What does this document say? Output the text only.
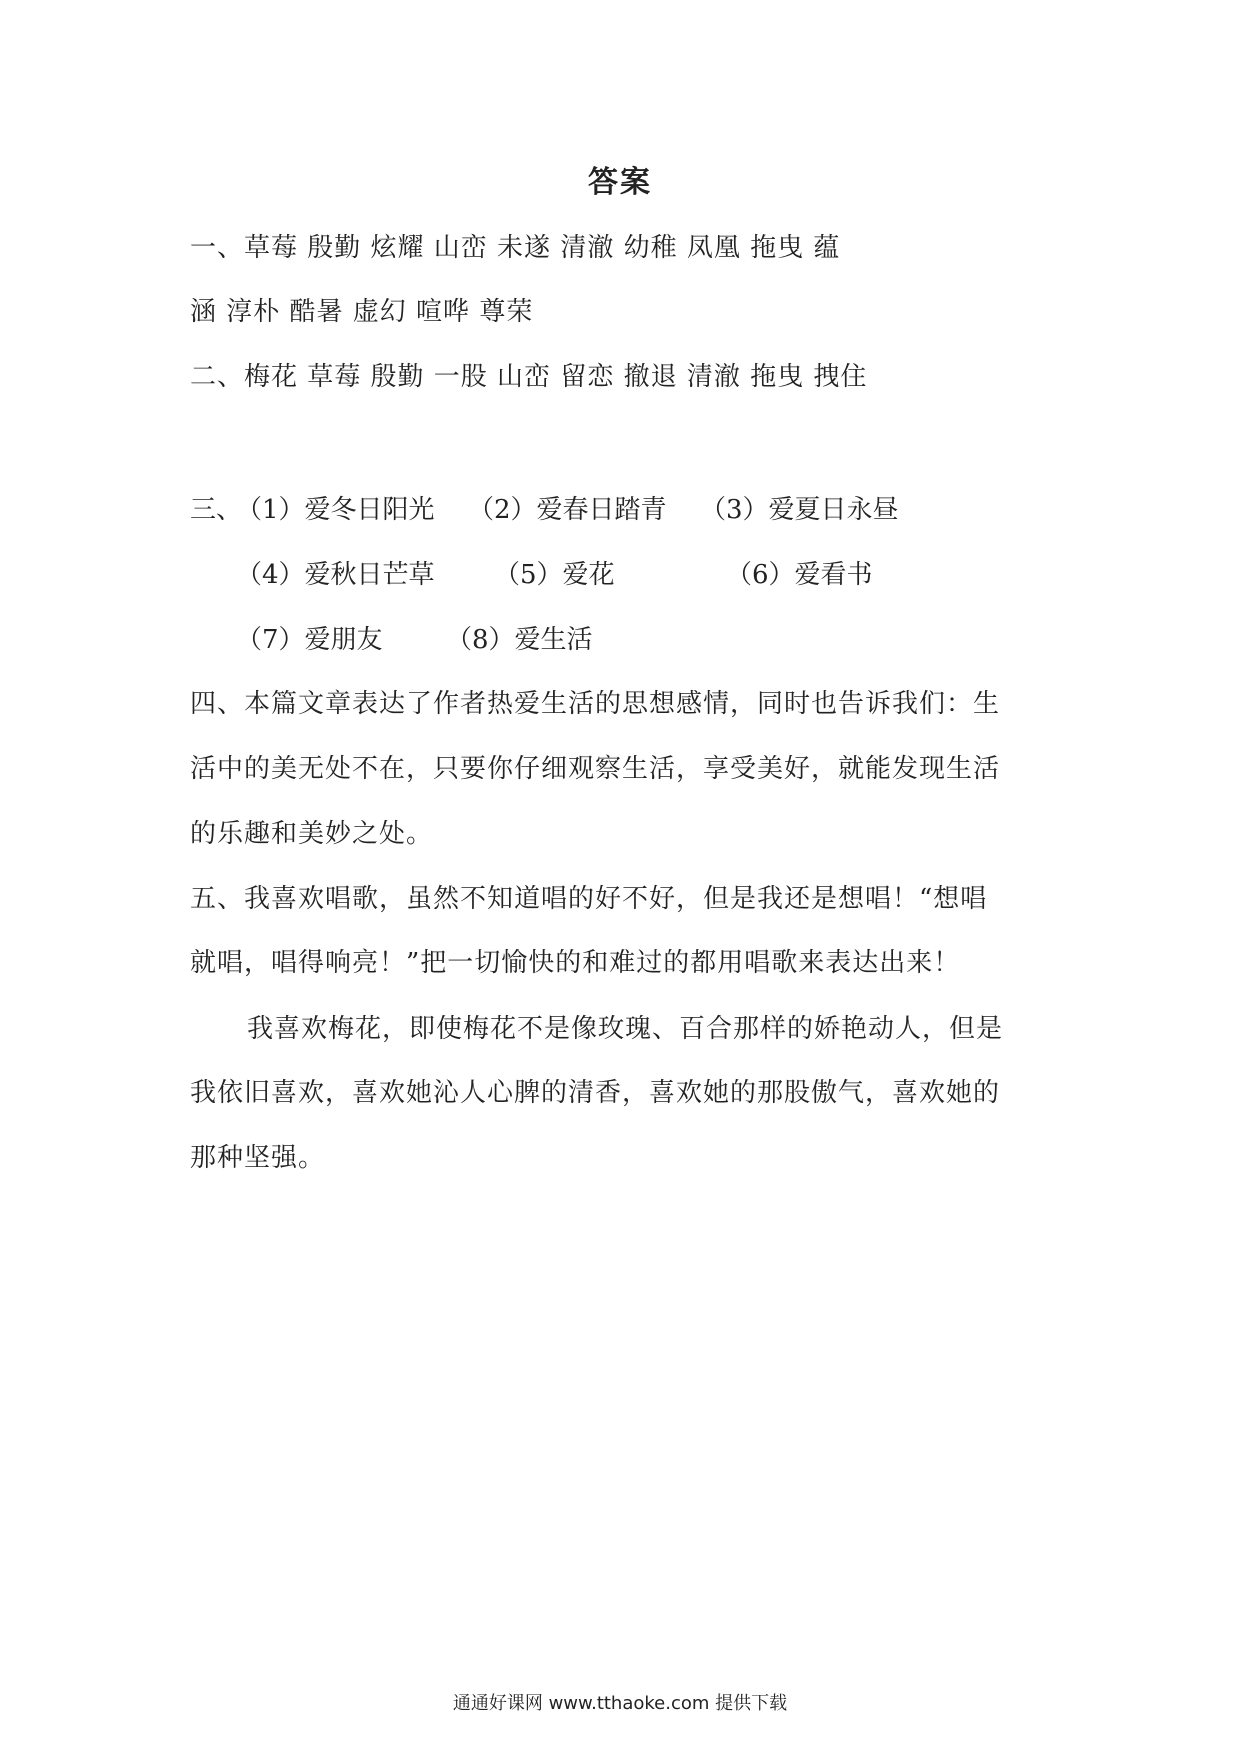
答案
一、草莓 殷勤 炫耀 山峦 未遂 清澈 幼稚 凤凰 拖曳 蕴
涵 淳朴 酷暑 虚幻 喧哗 尊荣
二、梅花 草莓 殷勤 一股 山峦 留恋 撤退 清澈 拖曳 拽住
三、
（1）爱冬日阳光 （2）爱春日踏青 （3）爱夏日永昼
（4）爱秋日芒草 （5）爱花	（6）爱看书
（7）爱朋友 （8）爱生活
四、本篇文章表达了作者热爱生活的思想感情，同时也告诉我们：生
活中的美无处不在，只要你仔细观察生活，享受美好，就能发现生活
的乐趣和美妙之处。
五、我喜欢唱歌，虽然不知道唱的好不好，但是我还是想唱！“想唱
就唱，唱得响亮！”把一切愉快的和难过的都用唱歌来表达出来！
我喜欢梅花，即使梅花不是像玫瑰、百合那样的娇艳动人，但是
我依旧喜欢，喜欢她沁人心脾的清香，喜欢她的那股傲气，喜欢她的
那种坚强。
通通好课网 www.tthaoke.com 提供下载
